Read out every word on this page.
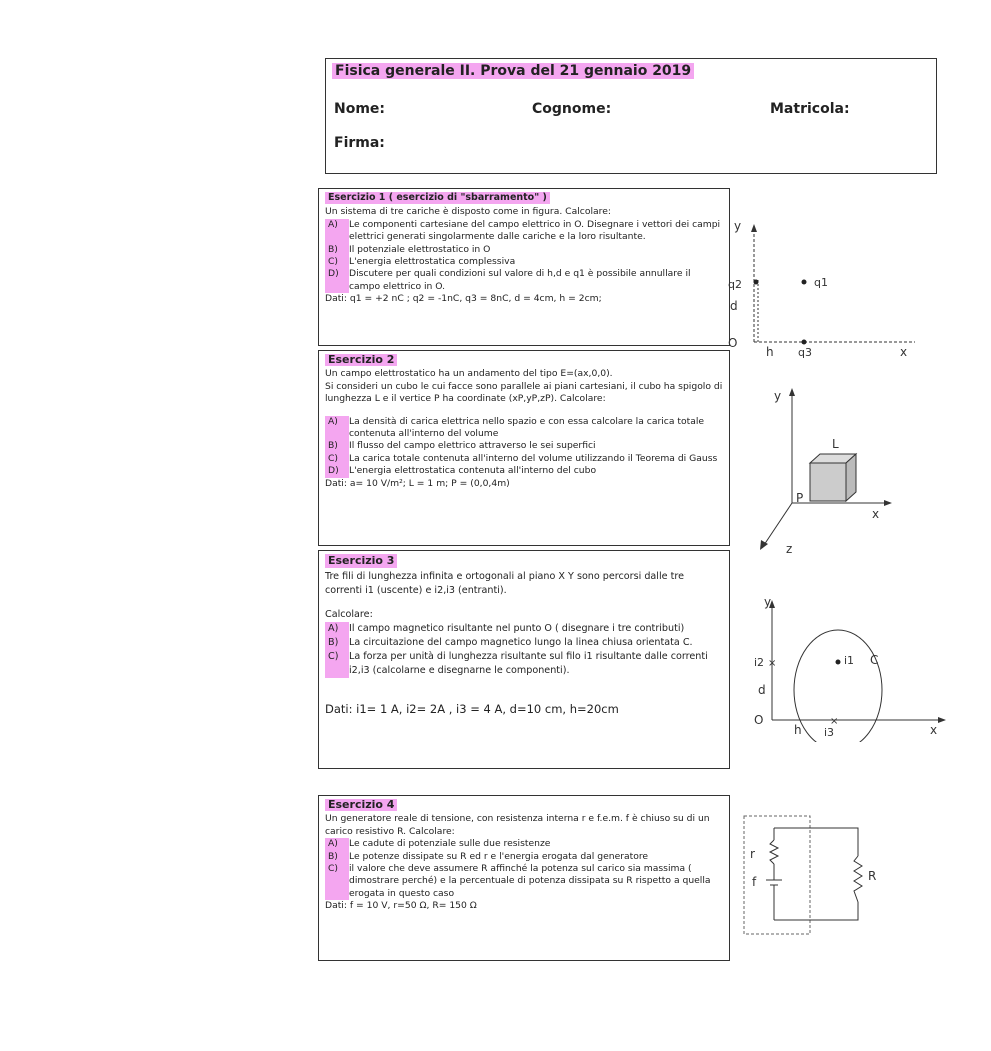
Fisica generale II. Prova del 21 gennaio 2019
Nome:	Cognome:	Matricola:
Firma:
Esercizio 1 ( esercizio di "sbarramento" )

Un sistema di tre cariche è disposto come in figura. Calcolare:

A)	Le componenti cartesiane del campo elettrico in O. Disegnare i vettori dei campi elettrici generati singolarmente dalle cariche e la loro risultante.
B)	Il potenziale elettrostatico in O
C)	L'energia elettrostatica complessiva
D)	Discutere per quali condizioni sul valore di h,d e q1 è possibile annullare il campo elettrico in O.

Dati: q1 = +2 nC ; q2 = -1nC, q3 = 8nC, d = 4cm, h = 2cm;

y
x
O
q2	q1
q3
d
h
Esercizio 2

Un campo elettrostatico ha un andamento del tipo E=(ax,0,0).

Si consideri un cubo le cui facce sono parallele ai piani cartesiani, il cubo ha spigolo di lunghezza L e il vertice P ha coordinate (xP,yP,zP). Calcolare:

A)	La densità di carica elettrica nello spazio e con essa calcolare la carica totale contenuta all'interno del volume
B)	Il flusso del campo elettrico attraverso le sei superfici
C)	La carica totale contenuta all'interno del volume utilizzando il Teorema di Gauss
D)	L'energia elettrostatica contenuta all'interno del cubo

Dati: a= 10 V/m²; L = 1 m; P = (0,0,4m)

y
x
z
P
L
Esercizio 3

Tre fili di lunghezza infinita e ortogonali al piano X Y sono percorsi dalle tre correnti i1 (uscente) e i2,i3 (entranti).

Calcolare:

A)	Il campo magnetico risultante nel punto O ( disegnare i tre contributi)
B)	La circuitazione del campo magnetico lungo la linea chiusa orientata C.
C)	La forza per unità di lunghezza risultante sul filo i1 risultante dalle correnti i2,i3 (calcolarne e disegnarne le componenti).

Dati: i1= 1 A, i2= 2A , i3 = 4 A, d=10 cm, h=20cm

×
×
y
x
O
i1
i2
i3
C
d
h
Esercizio 4

Un generatore reale di tensione, con resistenza interna r e f.e.m. f è chiuso su di un carico resistivo R. Calcolare:

A)	Le cadute di potenziale sulle due resistenze
B)	Le potenze dissipate su R ed r e l'energia erogata dal generatore
C)	il valore che deve assumere R affinché la potenza sul carico sia massima ( dimostrare perché) e la percentuale di potenza dissipata su R rispetto a quella erogata in questo caso

Dati: f = 10 V, r=50 Ω, R= 150 Ω

r
f	R
